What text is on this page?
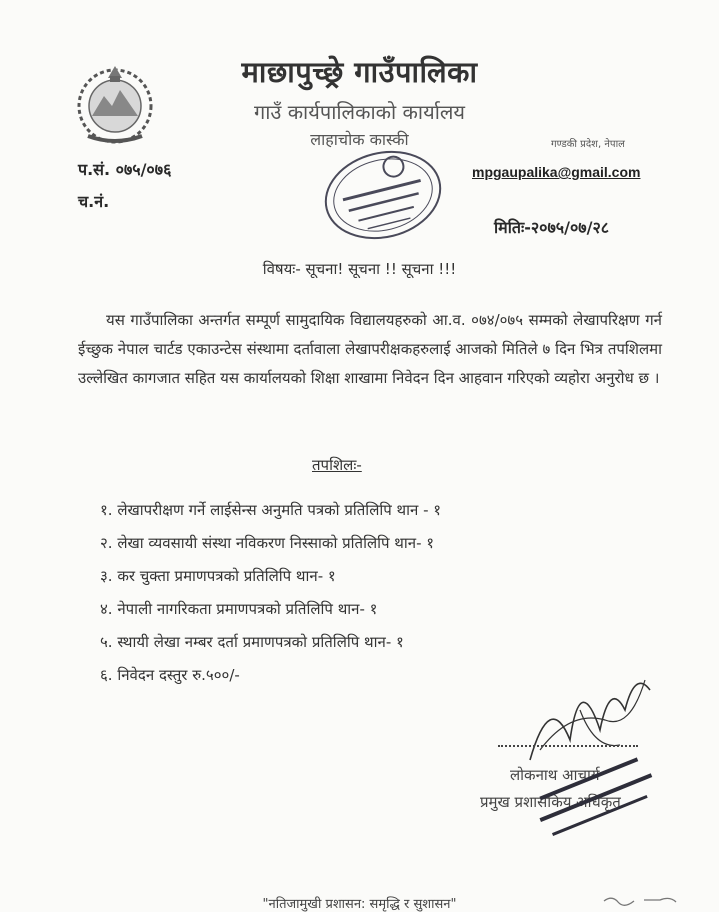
माछापुच्छ्रे गाउँपालिका
गाउँ कार्यपालिकाको कार्यालय
लाहाचोक कास्की	गण्डकी प्रदेश, नेपाल
प.सं. ०७५/०७६
च.नं.
mpgaupalika@gmail.com
मितिः-२०७५/०७/२८
विषयः- सूचना! सूचना !! सूचना !!!
यस गाउँपालिका अन्तर्गत सम्पूर्ण सामुदायिक विद्यालयहरुको आ.व. ०७४/०७५ सम्मको लेखापरिक्षण गर्न ईच्छुक नेपाल चार्टड एकाउन्टेस संस्थामा दर्तावाला लेखापरीक्षकहरुलाई आजको मितिले ७ दिन भित्र तपशिलमा उल्लेखित कागजात सहित यस कार्यालयको शिक्षा शाखामा निवेदन दिन आहवान गरिएको व्यहोरा अनुरोध छ ।
तपशिलः-
१. लेखापरीक्षण गर्ने लाईसेन्स अनुमति पत्रको प्रतिलिपि थान - १
२. लेखा व्यवसायी संस्था नविकरण निस्साको प्रतिलिपि थान- १
३. कर चुक्ता प्रमाणपत्रको प्रतिलिपि थान- १
४. नेपाली नागरिकता प्रमाणपत्रको प्रतिलिपि थान- १
५. स्थायी लेखा नम्बर दर्ता प्रमाणपत्रको प्रतिलिपि थान- १
६. निवेदन दस्तुर रु.५००/-
लोकनाथ आचार्य
प्रमुख प्रशासकिय अधिकृत
"नतिजामुखी प्रशासन: समृद्धि र सुशासन"
